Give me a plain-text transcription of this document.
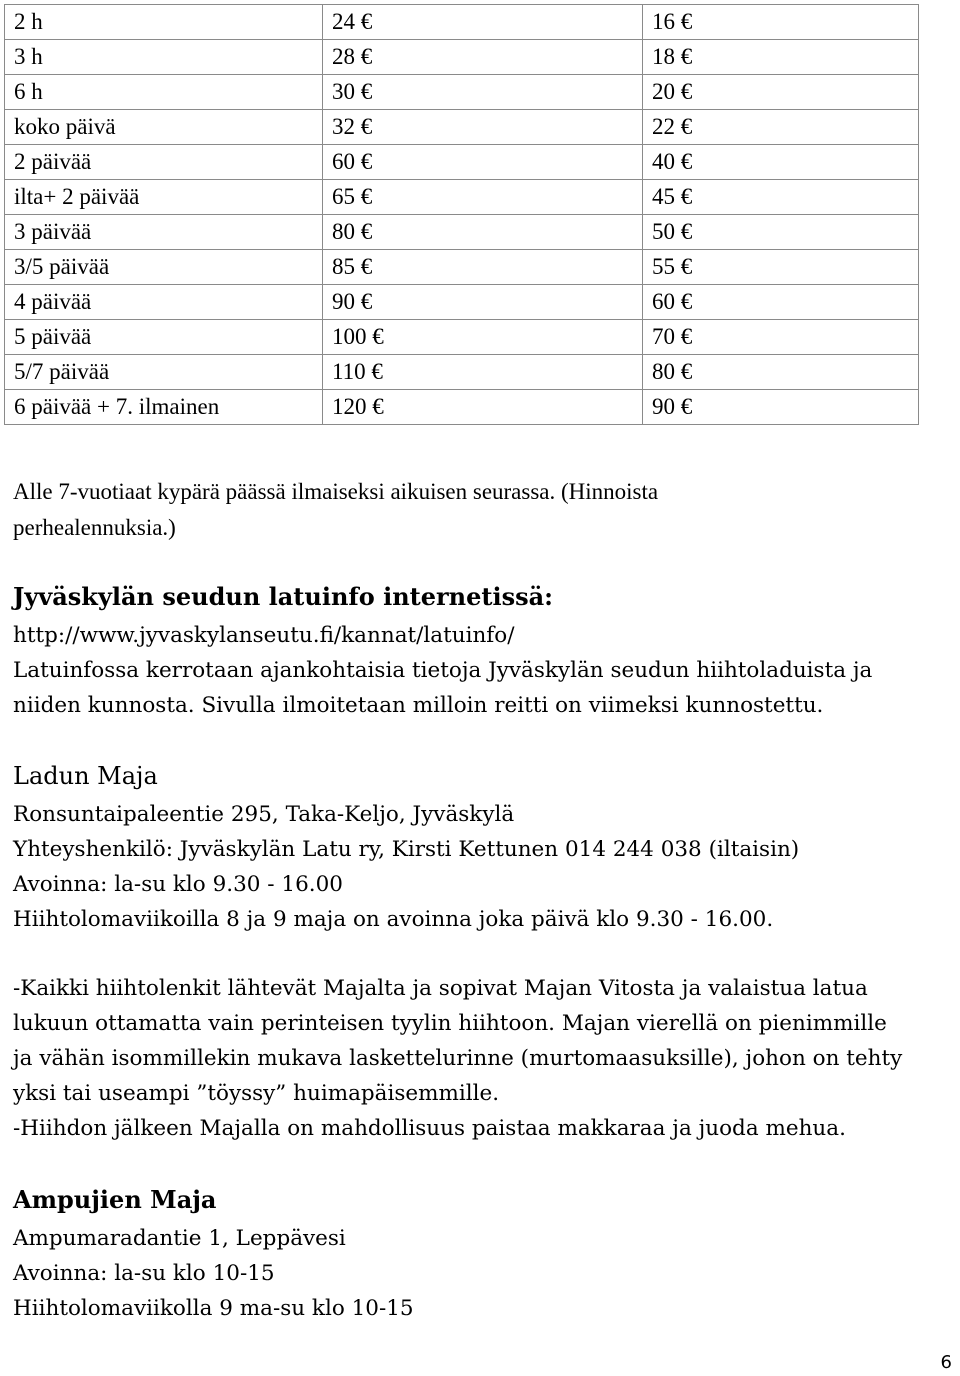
2 h	24 €	16 €
3 h	28 €	18 €
6 h	30 €	20 €
koko päivä	32 €	22 €
2 päivää	60 €	40 €
ilta+ 2 päivää	65 €	45 €
3 päivää	80 €	50 €
3/5 päivää	85 €	55 €
4 päivää	90 €	60 €
5 päivää	100 €	70 €
5/7 päivää	110 €	80 €
6 päivää + 7. ilmainen	120 €	90 €
Alle 7-vuotiaat kypärä päässä ilmaiseksi aikuisen seurassa. (Hinnoista
perhealennuksia.)
Jyväskylän seudun latuinfo internetissä:
http://www.jyvaskylanseutu.fi/kannat/latuinfo/
Latuinfossa kerrotaan ajankohtaisia tietoja Jyväskylän seudun hiihtoladuista ja
niiden kunnosta. Sivulla ilmoitetaan milloin reitti on viimeksi kunnostettu.
Ladun Maja
Ronsuntaipaleentie 295, Taka-Keljo, Jyväskylä
Yhteyshenkilö: Jyväskylän Latu ry, Kirsti Kettunen 014 244 038 (iltaisin)
Avoinna: la-su klo 9.30 - 16.00
Hiihtolomaviikoilla 8 ja 9 maja on avoinna joka päivä klo 9.30 - 16.00.
-Kaikki hiihtolenkit lähtevät Majalta ja sopivat Majan Vitosta ja valaistua latua
lukuun ottamatta vain perinteisen tyylin hiihtoon. Majan vierellä on pienimmille
ja vähän isommillekin mukava laskettelurinne (murtomaasuksille), johon on tehty
yksi tai useampi ”töyssy” huimapäisemmille.
-Hiihdon jälkeen Majalla on mahdollisuus paistaa makkaraa ja juoda mehua.
Ampujien Maja
Ampumaradantie 1, Leppävesi
Avoinna: la-su klo 10-15
Hiihtolomaviikolla 9 ma-su klo 10-15
6
